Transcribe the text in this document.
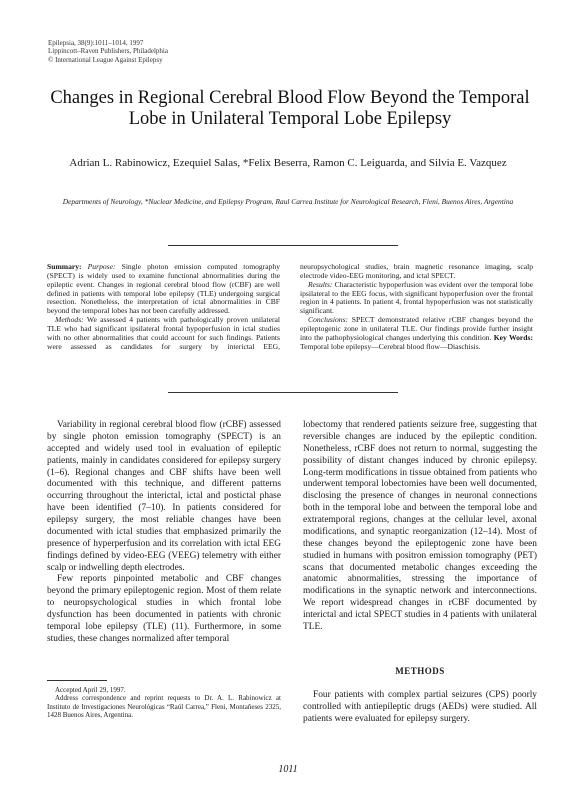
Epilepsia, 38(9):1011–1014, 1997
Lippincott–Raven Publishers, Philadelphia
© International League Against Epilepsy
Changes in Regional Cerebral Blood Flow Beyond the Temporal Lobe in Unilateral Temporal Lobe Epilepsy
Adrian L. Rabinowicz, Ezequiel Salas, *Felix Beserra, Ramon C. Leiguarda, and Silvia E. Vazquez
Departments of Neurology, *Nuclear Medicine, and Epilepsy Program, Raul Carrea Institute for Neurological Research, Fleni, Buenos Aires, Argentina

Summary: Purpose: Single photon emission computed tomography (SPECT) is widely used to examine functional abnormalities during the epileptic event. Changes in regional cerebral blood flow (rCBF) are well defined in patients with temporal lobe epilepsy (TLE) undergoing surgical resection. Nonetheless, the interpretation of ictal abnormalities in CBF beyond the temporal lobes has not been carefully addressed.

Methods: We assessed 4 patients with pathologically proven unilateral TLE who had significant ipsilateral frontal hypoperfusion in ictal studies with no other abnormalities that could account for such findings. Patients were assessed as candidates for surgery by interictal EEG, neuropsychological studies, brain magnetic resonance imaging, scalp electrode video-EEG monitoring, and ictal SPECT.

Results: Characteristic hypoperfusion was evident over the temporal lobe ipsilateral to the EEG focus, with significant hypoperfusion over the frontal region in 4 patients. In patient 4, frontal hypoperfusion was not statistically significant.

Conclusions: SPECT demonstrated relative rCBF changes beyond the epileptogenic zone in unilateral TLE. Our findings provide further insight into the pathophysiological changes underlying this condition. Key Words: Temporal lobe epilepsy—Cerebral blood flow—Diaschisis.

Variability in regional cerebral blood flow (rCBF) assessed by single photon emission tomography (SPECT) is an accepted and widely used tool in evaluation of epileptic patients, mainly in candidates considered for epilepsy surgery (1–6). Regional changes and CBF shifts have been well documented with this technique, and different patterns occurring throughout the interictal, ictal and postictal phase have been identified (7–10). In patients considered for epilepsy surgery, the most reliable changes have been documented with ictal studies that emphasized primarily the presence of hyperperfusion and its correlation with ictal EEG findings defined by video-EEG (VEEG) telemetry with either scalp or indwelling depth electrodes.

Few reports pinpointed metabolic and CBF changes beyond the primary epileptogenic region. Most of them relate to neuropsychological studies in which frontal lobe dysfunction has been documented in patients with chronic temporal lobe epilepsy (TLE) (11). Furthermore, in some studies, these changes normalized after temporal

lobectomy that rendered patients seizure free, suggesting that reversible changes are induced by the epileptic condition. Nonetheless, rCBF does not return to normal, suggesting the possibility of distant changes induced by chronic epilepsy. Long-term modifications in tissue obtained from patients who underwent temporal lobectomies have been well documented, disclosing the presence of changes in neuronal connections both in the temporal lobe and between the temporal lobe and extratemporal regions, changes at the cellular level, axonal modifications, and synaptic reorganization (12–14). Most of these changes beyond the epileptogenic zone have been studied in humans with positron emission tomography (PET) scans that documented metabolic changes exceeding the anatomic abnormalities, stressing the importance of modifications in the synaptic network and interconnections. We report widespread changes in rCBF documented by interictal and ictal SPECT studies in 4 patients with unilateral TLE.

METHODS

Four patients with complex partial seizures (CPS) poorly controlled with antiepileptic drugs (AEDs) were studied. All patients were evaluated for epilepsy surgery.

Accepted April 29, 1997.

Address correspondence and reprint requests to Dr. A. L. Rabinowicz at Instituto de Investigaciones Neurológicas “Raúl Carrea,” Fleni, Montañeses 2325, 1428 Buenos Aires, Argentina.

1011
